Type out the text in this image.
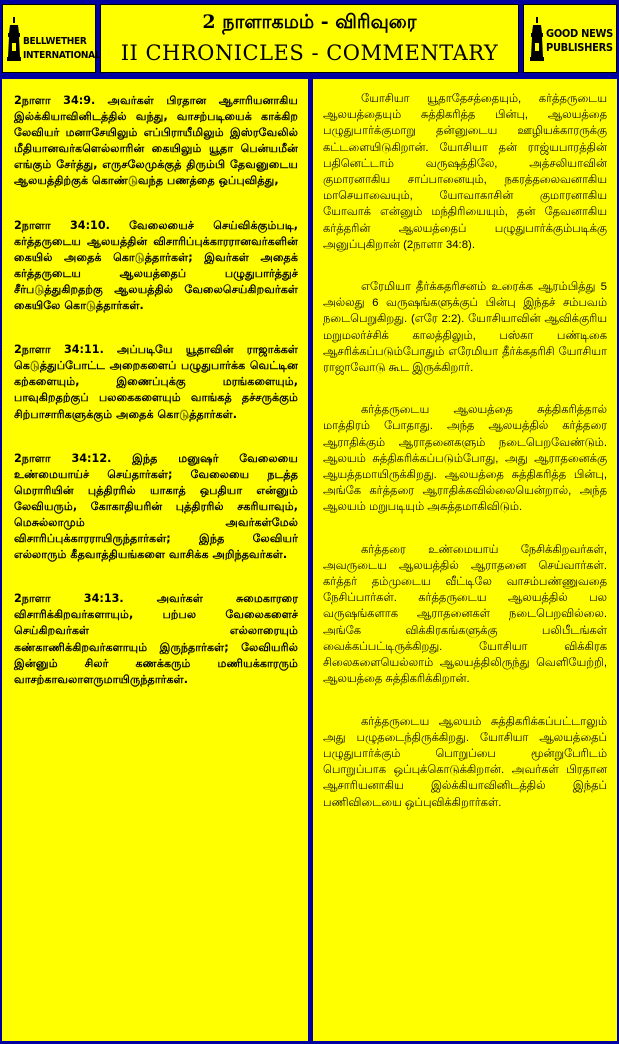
BELLWETHER
INTERNATIONAL
2 நாளாகமம் - விரிவுரை
II CHRONICLES - COMMENTARY
GOOD NEWS
PUBLISHERS

2நாளா 34:9. அவர்கள் பிரதான ஆசாரியனாகிய இல்க்கியாவினிடத்தில் வந்து, வாசற்படியைக் காக்கிற லேவியர் மனாசேயிலும் எப்பிராயீமிலும் இஸ்ரவேலில் மீதியானவர்களெல்லாரின் கையிலும் யூதா பென்யமீன் எங்கும் சேர்த்து, எருசலேமுக்குத் திரும்பி தேவனுடைய ஆலயத்திற்குக் கொண்டுவந்த பணத்தை ஒப்புவித்து,

2நாளா 34:10. வேலையைச் செய்விக்கும்படி, கர்த்தருடைய ஆலயத்தின் விசாரிப்புக்காரரானவர்களின் கையில் அதைக் கொடுத்தார்கள்; இவர்கள் அதைக் கர்த்தருடைய ஆலயத்தைப் பழுதுபார்த்துச் சீர்படுத்துகிறதற்கு ஆலயத்தில் வேலைசெய்கிறவர்கள் கையிலே கொடுத்தார்கள்.

2நாளா 34:11. அப்படியே யூதாவின் ராஜாக்கள் கெடுத்துப்போட்ட அறைகளைப் பழுதுபார்க்க வெட்டின கற்களையும், இணைப்புக்கு மரங்களையும், பாவுகிறதற்குப் பலகைகளையும் வாங்கத் தச்சருக்கும் சிற்பாசாரிகளுக்கும் அதைக் கொடுத்தார்கள்.

2நாளா 34:12. இந்த மனுஷர் வேலையை உண்மையாய்ச் செய்தார்கள்; வேலையை நடத்த மெராரியின் புத்திரரில் யாகாத் ஒபதியா என்னும் லேவியரும், கோகாதியரின் புத்திரரில் சகரியாவும், மெசுல்லாமும் அவர்கள்மேல் விசாரிப்புக்காரராயிருந்தார்கள்; இந்த லேவியர் எல்லாரும் கீதவாத்தியங்களை வாசிக்க அறிந்தவர்கள்.

2நாளா 34:13. அவர்கள் சுமைகாரரை விசாரிக்கிறவர்களாயும், பற்பல வேலைகளைச் செய்கிறவர்கள் எல்லாரையும் கண்காணிக்கிறவர்களாயும் இருந்தார்கள்; லேவியரில் இன்னும் சிலர் கணக்கரும் மணியக்காரரும் வாசற்காவலாளருமாயிருந்தார்கள்.

யோசியா யூதாதேசத்தையும், கர்த்தருடைய ஆலயத்தையும் சுத்திகரித்த பின்பு, ஆலயத்தை பழுதுபார்க்குமாறு தன்னுடைய ஊழியக்காரருக்கு கட்டளையிடுகிறான். யோசியா தன் ராஜ்யபாரத்தின் பதினெட்டாம் வருஷத்திலே, அத்சலியாவின் குமாரனாகிய சாப்பானையும், நகரத்தலைவனாகிய மாசெயாவையும், யோவாகாசின் குமாரனாகிய யோவாக் என்னும் மந்திரியையும், தன் தேவனாகிய கர்த்தரின் ஆலயத்தைப் பழுதுபார்க்கும்படிக்கு அனுப்புகிறான் (2நாளா 34:8).

எரேமியா தீர்க்கதரிசனம் உரைக்க ஆரம்பித்து 5 அல்லது 6 வருஷங்களுக்குப் பின்பு இந்தச் சம்பவம் நடைபெறுகிறது. (எரே 2:2). யோசியாவின் ஆவிக்குரிய மறுமலர்ச்சிக் காலத்திலும், பஸ்கா பண்டிகை ஆசரிக்கப்படும்போதும் எரேமியா தீர்க்கதரிசி யோசியா ராஜாவோடு கூட இருக்கிறார்.

கர்த்தருடைய ஆலயத்தை சுத்திகரித்தால் மாத்திரம் போதாது. அந்த ஆலயத்தில் கர்த்தரை ஆராதிக்கும் ஆராதனைகளும் நடைபெறவேண்டும். ஆலயம் சுத்திகரிக்கப்படும்போது, அது ஆராதனைக்கு ஆயத்தமாயிருக்கிறது. ஆலயத்தை சுத்திகரித்த பின்பு, அங்கே கர்த்தரை ஆராதிக்கவில்லையென்றால், அந்த ஆலயம் மறுபடியும் அசுத்தமாகிவிடும்.

கர்த்தரை உண்மையாய் நேசிக்கிறவர்கள், அவருடைய ஆலயத்தில் ஆராதனை செய்வார்கள். கர்த்தர் தம்முடைய வீட்டிலே வாசம்பண்ணுவதை நேசிப்பார்கள். கர்த்தருடைய ஆலயத்தில் பல வருஷங்களாக ஆராதனைகள் நடைபெறவில்லை. அங்கே விக்கிரகங்களுக்கு பலிபீடங்கள் வைக்கப்பட்டிருக்கிறது. யோசியா விக்கிரக சிலைகளையெல்லாம் ஆலயத்திலிருந்து வெளியேற்றி, ஆலயத்தை சுத்திகரிக்கிறான்.

கர்த்தருடைய ஆலயம் சுத்திகரிக்கப்பட்டாலும் அது பழுதடைந்திருக்கிறது. யோசியா ஆலயத்தைப் பழுதுபார்க்கும் பொறுப்பை மூன்றுபேரிடம் பொறுப்பாக ஒப்புக்கொடுக்கிறான். அவர்கள் பிரதான ஆசாரியனாகிய இல்க்கியாவினிடத்தில் இந்தப் பணிவிடையை ஒப்புவிக்கிறார்கள்.
